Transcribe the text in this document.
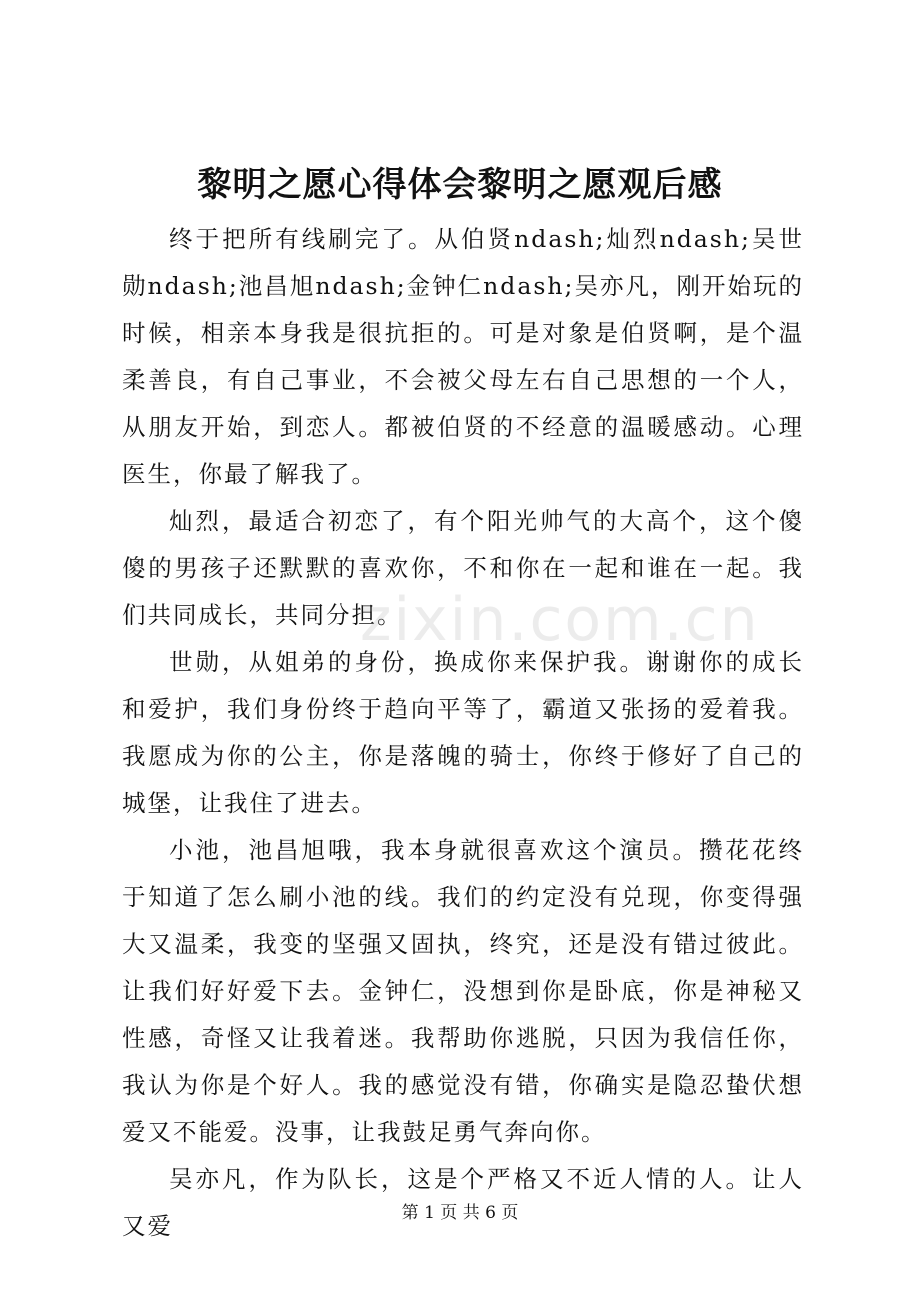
黎明之愿心得体会黎明之愿观后感

终于把所有线刷完了。从伯贤ndash;灿烈ndash;吴世勋ndash;池昌旭ndash;金钟仁ndash;吴亦凡，刚开始玩的时候，相亲本身我是很抗拒的。可是对象是伯贤啊，是个温柔善良，有自己事业，不会被父母左右自己思想的一个人，从朋友开始，到恋人。都被伯贤的不经意的温暖感动。心理医生，你最了解我了。

灿烈，最适合初恋了，有个阳光帅气的大高个，这个傻傻的男孩子还默默的喜欢你，不和你在一起和谁在一起。我们共同成长，共同分担。

世勋，从姐弟的身份，换成你来保护我。谢谢你的成长和爱护，我们身份终于趋向平等了，霸道又张扬的爱着我。我愿成为你的公主，你是落魄的骑士，你终于修好了自己的城堡，让我住了进去。

小池，池昌旭哦，我本身就很喜欢这个演员。攒花花终于知道了怎么刷小池的线。我们的约定没有兑现，你变得强大又温柔，我变的坚强又固执，终究，还是没有错过彼此。让我们好好爱下去。金钟仁，没想到你是卧底，你是神秘又性感，奇怪又让我着迷。我帮助你逃脱，只因为我信任你，我认为你是个好人。我的感觉没有错，你确实是隐忍蛰伏想爱又不能爱。没事，让我鼓足勇气奔向你。

吴亦凡，作为队长，这是个严格又不近人情的人。让人又爱

zixin.com.cn
第 1 页 共 6 页
